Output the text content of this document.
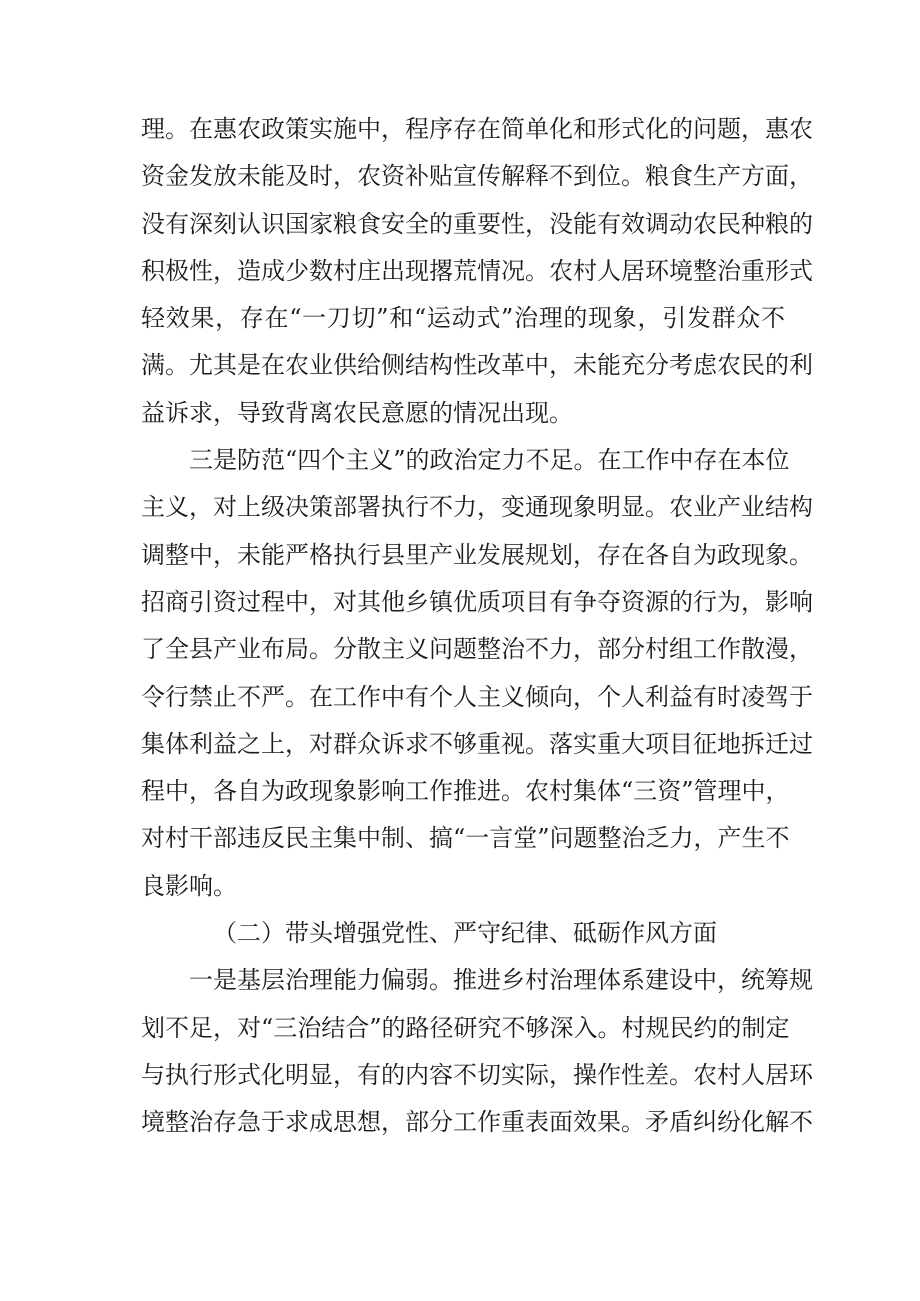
理。在惠农政策实施中，程序存在简单化和形式化的问题，惠农
资金发放未能及时，农资补贴宣传解释不到位。粮食生产方面，
没有深刻认识国家粮食安全的重要性，没能有效调动农民种粮的
积极性，造成少数村庄出现撂荒情况。农村人居环境整治重形式
轻效果，存在“一刀切”和“运动式”治理的现象，引发群众不
满。尤其是在农业供给侧结构性改革中，未能充分考虑农民的利
益诉求，导致背离农民意愿的情况出现。
三是防范“四个主义”的政治定力不足。在工作中存在本位
主义，对上级决策部署执行不力，变通现象明显。农业产业结构
调整中，未能严格执行县里产业发展规划，存在各自为政现象。
招商引资过程中，对其他乡镇优质项目有争夺资源的行为，影响
了全县产业布局。分散主义问题整治不力，部分村组工作散漫，
令行禁止不严。在工作中有个人主义倾向，个人利益有时凌驾于
集体利益之上，对群众诉求不够重视。落实重大项目征地拆迁过
程中，各自为政现象影响工作推进。农村集体“三资”管理中，
对村干部违反民主集中制、搞“一言堂”问题整治乏力，产生不
良影响。
（二）带头增强党性、严守纪律、砥砺作风方面
一是基层治理能力偏弱。推进乡村治理体系建设中，统筹规
划不足，对“三治结合”的路径研究不够深入。村规民约的制定
与执行形式化明显，有的内容不切实际，操作性差。农村人居环
境整治存急于求成思想，部分工作重表面效果。矛盾纠纷化解不
